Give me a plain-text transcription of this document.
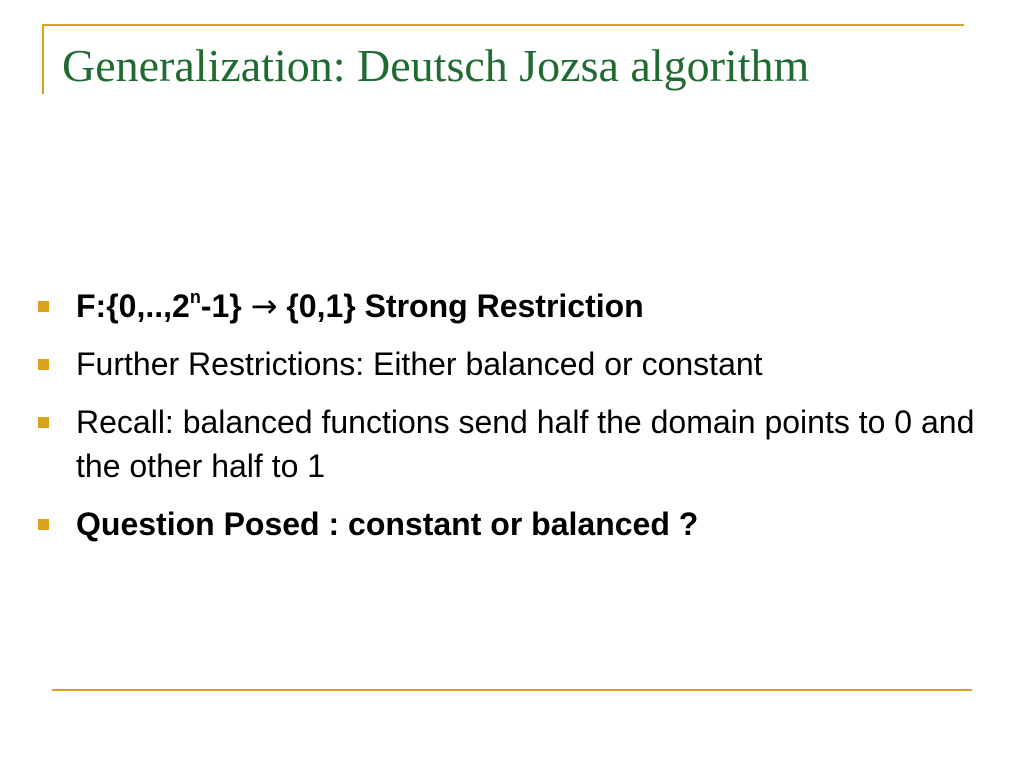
Generalization: Deutsch Jozsa algorithm
$F:\{0,..,2^n-1\} \to \{0,1\}$ Strong Restriction
Further Restrictions: Either balanced or constant
Recall: balanced functions send half the domain points to 0 and the other half to 1
Question Posed : constant or balanced ?
